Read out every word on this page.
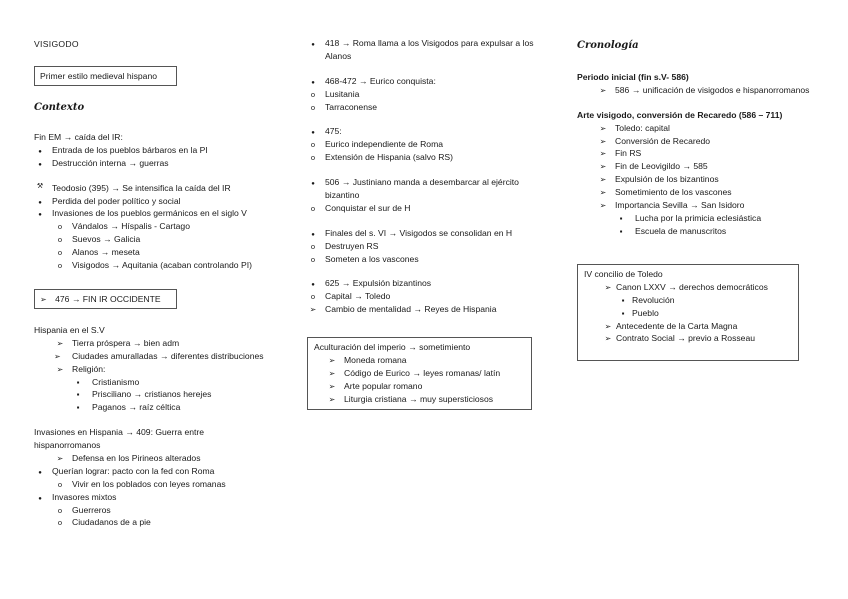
VISIGODO
Primer estilo medieval hispano
Contexto
Fin EM → caída del IR:
●
Entrada de los pueblos bárbaros en la PI
●
Destrucción interna → guerras
⚒	Teodosio (395) → Se intensifica la caída del IR
●
Perdida del poder político y social
●
Invasiones de los pueblos germánicos en el siglo V
o
Vándalos → Híspalis - Cartago
o
Suevos → Galicia
o
Alanos → meseta
o
Visigodos → Aquitania (acaban controlando PI)
➢ 476 → FIN IR OCCIDENTE
Hispania en el S.V
➢
Tierra próspera → bien adm
➢
Ciudades amuralladas → diferentes distribuciones
➢
Religión:
▪
Cristianismo
▪
Prisciliano → cristianos herejes
▪
Paganos → raíz céltica
Invasiones en Hispania → 409: Guerra entre hispanorromanos
➢
Defensa en los Pirineos alterados
●
Querían lograr: pacto con la fed con Roma
o
Vivir en los poblados con leyes romanas
●
Invasores mixtos
o
Guerreros
o
Ciudadanos de a pie
●
418 → Roma llama a los Visigodos para expulsar a los Alanos
●
468-472 → Eurico conquista:
o
Lusitania
o
Tarraconense
●
475:
o
Eurico independiente de Roma
o
Extensión de Hispania (salvo RS)
●
506 → Justiniano manda a desembarcar al ejército bizantino
o
Conquistar el sur de H
●
Finales del s. VI → Visigodos se consolidan en H
o
Destruyen RS
o
Someten a los vascones
●
625 → Expulsión bizantinos
o
Capital → Toledo
➢
Cambio de mentalidad → Reyes de Hispania
Aculturación del imperio → sometimiento
➢
Moneda romana
➢
Código de Eurico → leyes romanas/ latín
➢
Arte popular romano
➢
Liturgia cristiana → muy supersticiosos
Cronología
Periodo inicial (fin s.V- 586)
➢
586 → unificación de visigodos e hispanorromanos
Arte visigodo, conversión de Recaredo (586 – 711)
➢
Toledo: capital
➢
Conversión de Recaredo
➢
Fin RS
➢
Fin de Leovigildo → 585
➢
Expulsión de los bizantinos
➢
Sometimiento de los vascones
➢
Importancia Sevilla → San Isidoro
▪
Lucha por la primicia eclesiástica
▪
Escuela de manuscritos
IV concilio de Toledo
➢
Canon LXXV → derechos democráticos
▪
Revolución
▪
Pueblo
➢
Antecedente de la Carta Magna
➢
Contrato Social → previo a Rosseau
